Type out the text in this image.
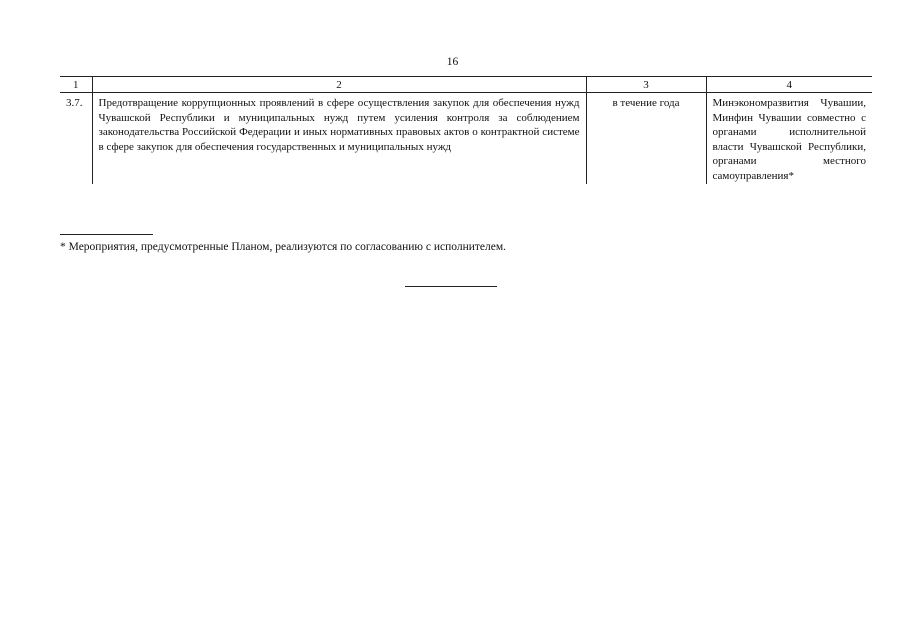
16
1	2	3	4
3.7.	Предотвращение коррупционных проявлений в сфере осуществления закупок для обеспечения нужд Чувашской Республики и муниципальных нужд путем усиления контроля за соблюдением законодательства Российской Федерации и иных нормативных правовых актов о контрактной системе в сфере закупок для обеспечения государственных и муниципальных нужд	в течение года	Минэкономразвития Чувашии, Минфин Чувашии совместно с органами исполнительной власти Чувашской Республики, органами местного самоуправления*
* Мероприятия, предусмотренные Планом, реализуются по согласованию с исполнителем.
